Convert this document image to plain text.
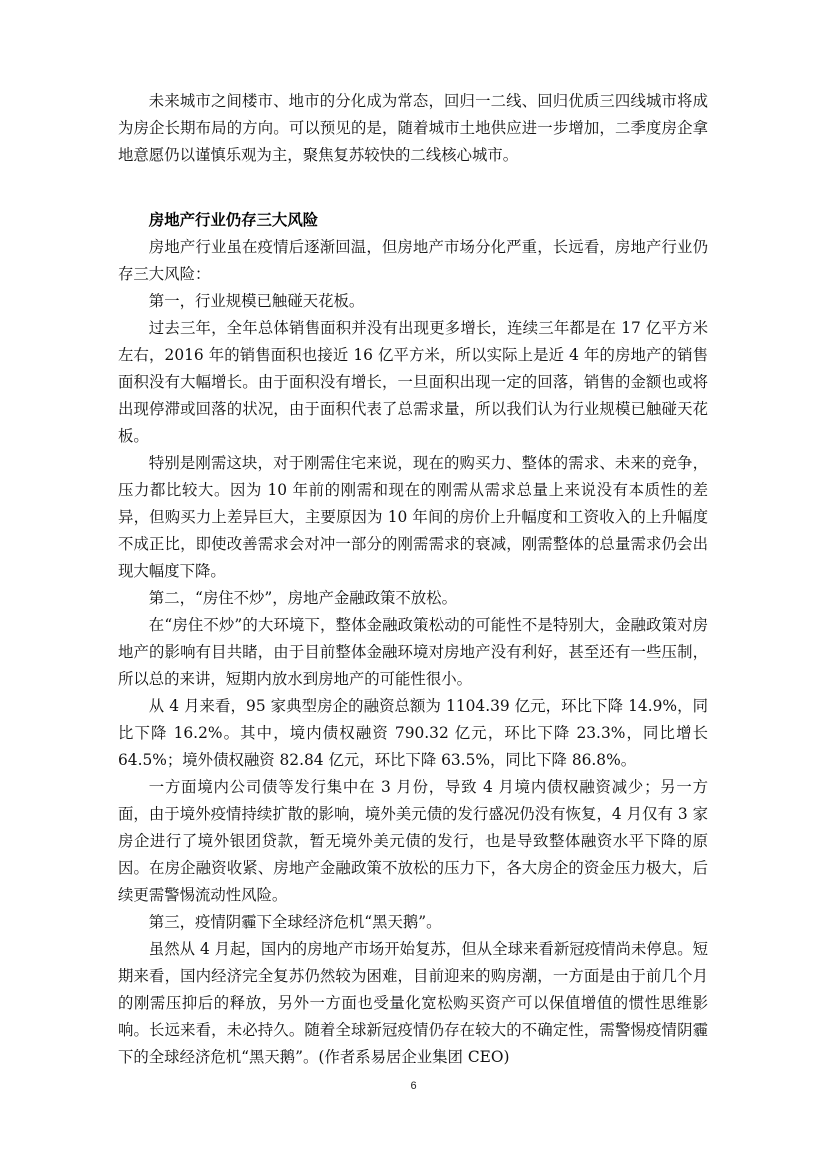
未来城市之间楼市、地市的分化成为常态，回归一二线、回归优质三四线城市将成为房企长期布局的方向。可以预见的是，随着城市土地供应进一步增加，二季度房企拿地意愿仍以谨慎乐观为主，聚焦复苏较快的二线核心城市。

房地产行业仍存三大风险

房地产行业虽在疫情后逐渐回温，但房地产市场分化严重，长远看，房地产行业仍存三大风险：

第一，行业规模已触碰天花板。

过去三年，全年总体销售面积并没有出现更多增长，连续三年都是在 17 亿平方米左右，2016 年的销售面积也接近 16 亿平方米，所以实际上是近 4 年的房地产的销售面积没有大幅增长。由于面积没有增长，一旦面积出现一定的回落，销售的金额也或将出现停滞或回落的状况，由于面积代表了总需求量，所以我们认为行业规模已触碰天花板。

特别是刚需这块，对于刚需住宅来说，现在的购买力、整体的需求、未来的竞争，压力都比较大。因为 10 年前的刚需和现在的刚需从需求总量上来说没有本质性的差异，但购买力上差异巨大，主要原因为 10 年间的房价上升幅度和工资收入的上升幅度不成正比，即使改善需求会对冲一部分的刚需需求的衰减，刚需整体的总量需求仍会出现大幅度下降。

第二，“房住不炒”，房地产金融政策不放松。

在“房住不炒”的大环境下，整体金融政策松动的可能性不是特别大，金融政策对房地产的影响有目共睹，由于目前整体金融环境对房地产没有利好，甚至还有一些压制，所以总的来讲，短期内放水到房地产的可能性很小。

从 4 月来看，95 家典型房企的融资总额为 1104.39 亿元，环比下降 14.9%，同比下降 16.2%。其中，境内债权融资 790.32 亿元，环比下降 23.3%，同比增长 64.5%；境外债权融资 82.84 亿元，环比下降 63.5%，同比下降 86.8%。

一方面境内公司债等发行集中在 3 月份，导致 4 月境内债权融资减少；另一方面，由于境外疫情持续扩散的影响，境外美元债的发行盛况仍没有恢复，4 月仅有 3 家房企进行了境外银团贷款，暂无境外美元债的发行，也是导致整体融资水平下降的原因。在房企融资收紧、房地产金融政策不放松的压力下，各大房企的资金压力极大，后续更需警惕流动性风险。

第三，疫情阴霾下全球经济危机“黑天鹅”。

虽然从 4 月起，国内的房地产市场开始复苏，但从全球来看新冠疫情尚未停息。短期来看，国内经济完全复苏仍然较为困难，目前迎来的购房潮，一方面是由于前几个月的刚需压抑后的释放，另外一方面也受量化宽松购买资产可以保值增值的惯性思维影响。长远来看，未必持久。随着全球新冠疫情仍存在较大的不确定性，需警惕疫情阴霾下的全球经济危机“黑天鹅”。(作者系易居企业集团 CEO)

6
